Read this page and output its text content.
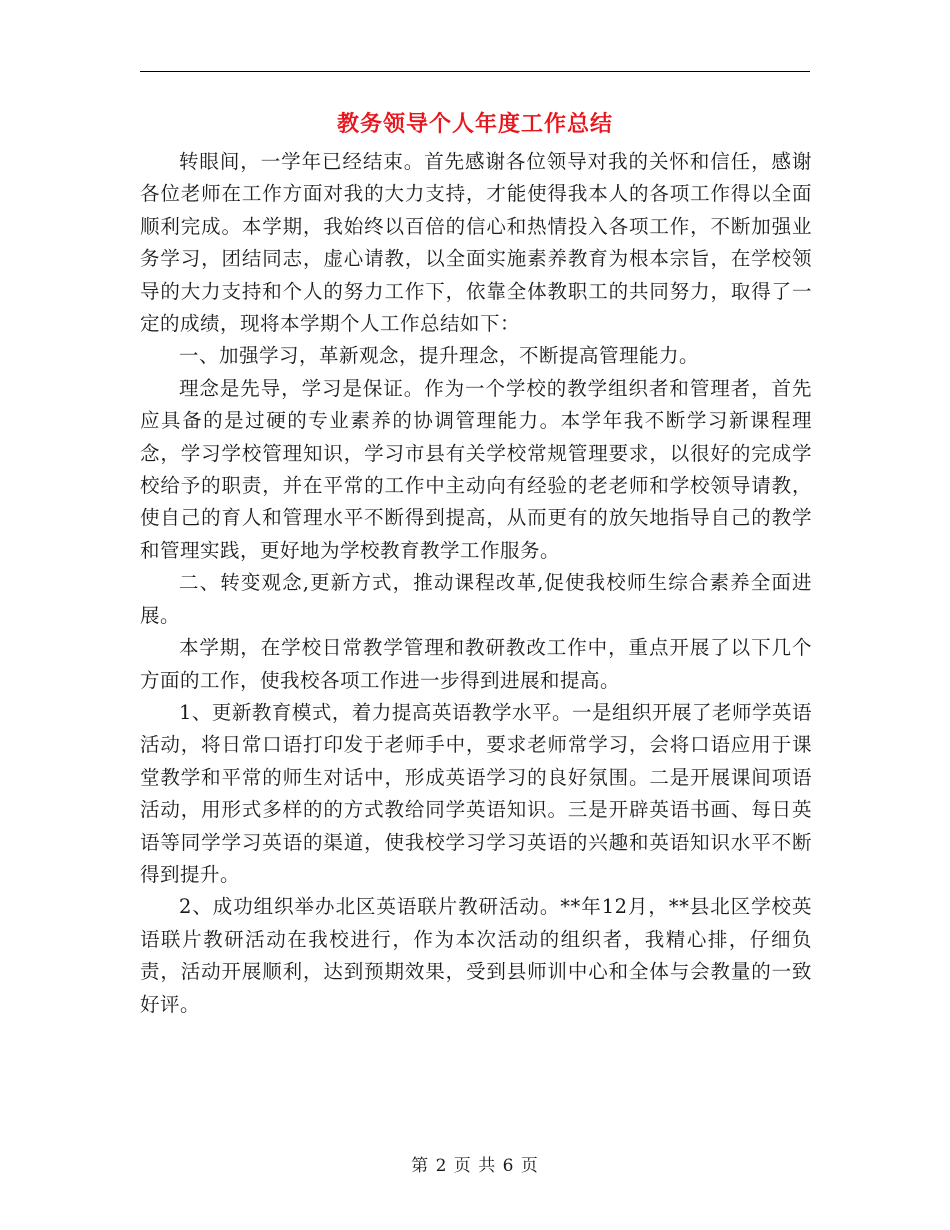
教务领导个人年度工作总结

转眼间，一学年已经结束。首先感谢各位领导对我的关怀和信任，感谢各位老师在工作方面对我的大力支持，才能使得我本人的各项工作得以全面顺利完成。本学期，我始终以百倍的信心和热情投入各项工作，不断加强业务学习，团结同志，虚心请教，以全面实施素养教育为根本宗旨，在学校领导的大力支持和个人的努力工作下，依靠全体教职工的共同努力，取得了一定的成绩，现将本学期个人工作总结如下：

一、加强学习，革新观念，提升理念，不断提高管理能力。

理念是先导，学习是保证。作为一个学校的教学组织者和管理者，首先应具备的是过硬的专业素养的协调管理能力。本学年我不断学习新课程理念，学习学校管理知识，学习市县有关学校常规管理要求，以很好的完成学校给予的职责，并在平常的工作中主动向有经验的老老师和学校领导请教，使自己的育人和管理水平不断得到提高，从而更有的放矢地指导自己的教学和管理实践，更好地为学校教育教学工作服务。

二、转变观念,更新方式，推动课程改革,促使我校师生综合素养全面进展。

本学期，在学校日常教学管理和教研教改工作中，重点开展了以下几个方面的工作，使我校各项工作进一步得到进展和提高。

1、更新教育模式，着力提高英语教学水平。一是组织开展了老师学英语活动，将日常口语打印发于老师手中，要求老师常学习，会将口语应用于课堂教学和平常的师生对话中，形成英语学习的良好氛围。二是开展课间项语活动，用形式多样的的方式教给同学英语知识。三是开辟英语书画、每日英语等同学学习英语的渠道，使我校学习学习英语的兴趣和英语知识水平不断得到提升。

2、成功组织举办北区英语联片教研活动。**年12月，**县北区学校英语联片教研活动在我校进行，作为本次活动的组织者，我精心排，仔细负责，活动开展顺利，达到预期效果，受到县师训中心和全体与会教量的一致好评。

第 2 页 共 6 页
